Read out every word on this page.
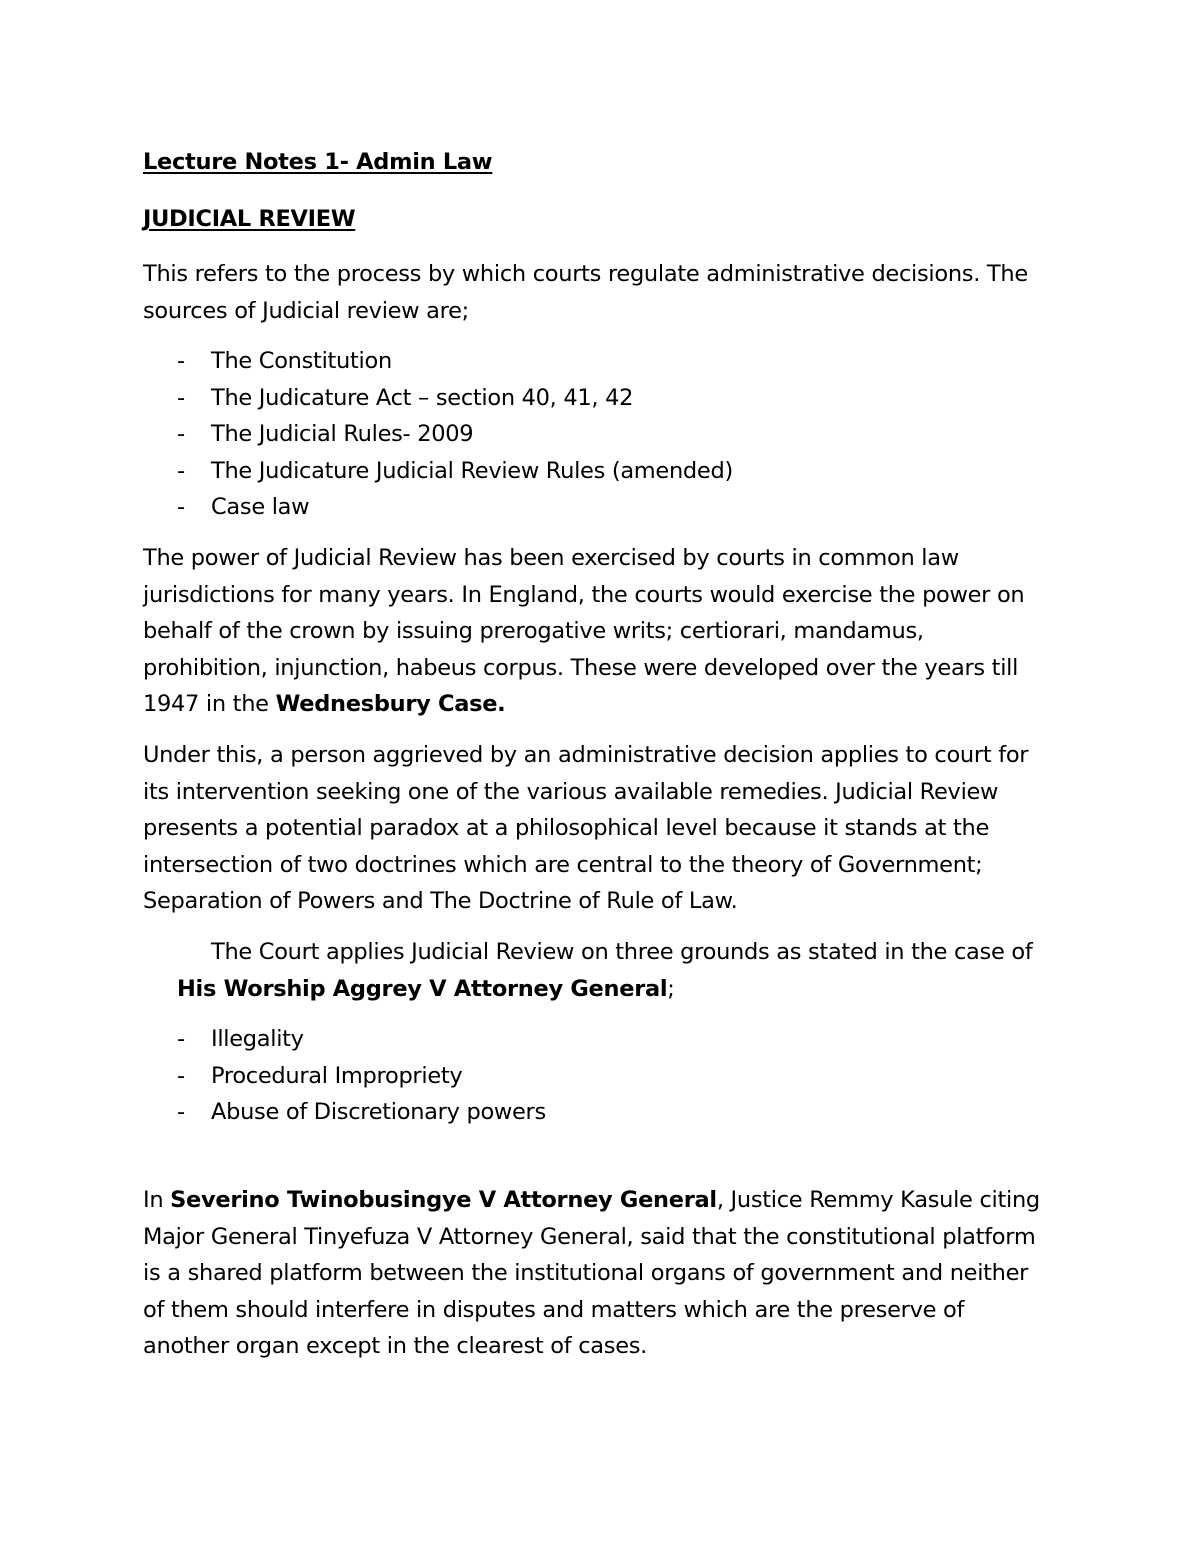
Lecture Notes 1- Admin Law
JUDICIAL REVIEW
This refers to the process by which courts regulate administrative decisions. The
sources of Judicial review are;
- The Constitution
- The Judicature Act – section 40, 41, 42
- The Judicial Rules- 2009
- The Judicature Judicial Review Rules (amended)
- Case law
The power of Judicial Review has been exercised by courts in common law
jurisdictions for many years. In England, the courts would exercise the power on
behalf of the crown by issuing prerogative writs; certiorari, mandamus,
prohibition, injunction, habeus corpus. These were developed over the years till
1947 in the Wednesbury Case.
Under this, a person aggrieved by an administrative decision applies to court for
its intervention seeking one of the various available remedies. Judicial Review
presents a potential paradox at a philosophical level because it stands at the
intersection of two doctrines which are central to the theory of Government;
Separation of Powers and The Doctrine of Rule of Law.
The Court applies Judicial Review on three grounds as stated in the case of
His Worship Aggrey V Attorney General;
- Illegality
- Procedural Impropriety
- Abuse of Discretionary powers
In Severino Twinobusingye V Attorney General, Justice Remmy Kasule citing
Major General Tinyefuza V Attorney General, said that the constitutional platform
is a shared platform between the institutional organs of government and neither
of them should interfere in disputes and matters which are the preserve of
another organ except in the clearest of cases.
